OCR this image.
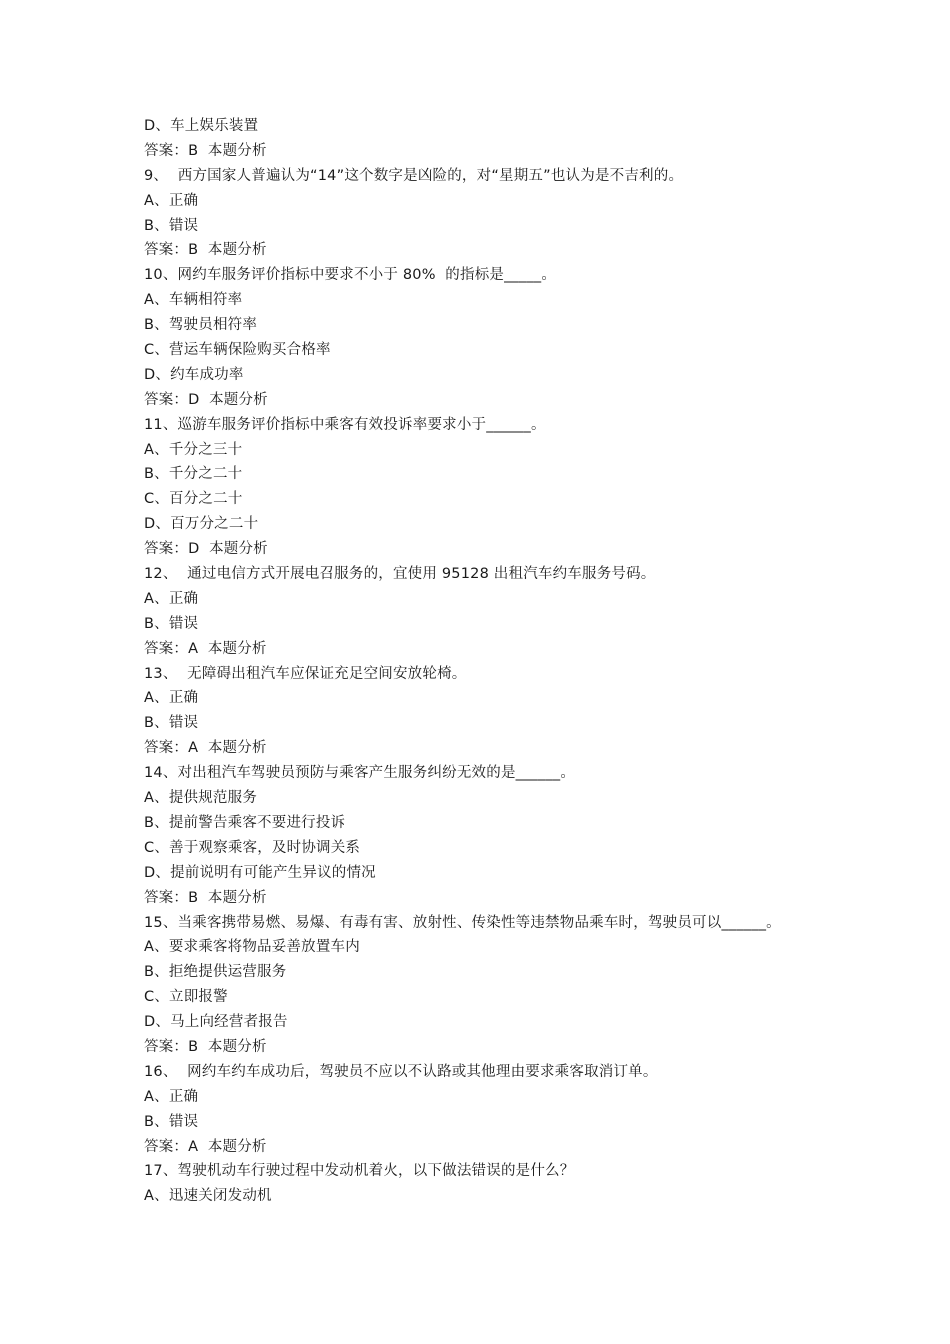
D、车上娱乐装置
答案：B  本题分析
9、  西方国家人普遍认为“14”这个数字是凶险的，对“星期五”也认为是不吉利的。
A、正确
B、错误
答案：B  本题分析
10、网约车服务评价指标中要求不小于 80%  的指标是_____。
A、车辆相符率
B、驾驶员相符率
C、营运车辆保险购买合格率
D、约车成功率
答案：D  本题分析
11、巡游车服务评价指标中乘客有效投诉率要求小于______。
A、千分之三十
B、千分之二十
C、百分之二十
D、百万分之二十
答案：D  本题分析
12、  通过电信方式开展电召服务的，宜使用 95128 出租汽车约车服务号码。
A、正确
B、错误
答案：A  本题分析
13、  无障碍出租汽车应保证充足空间安放轮椅。
A、正确
B、错误
答案：A  本题分析
14、对出租汽车驾驶员预防与乘客产生服务纠纷无效的是______。
A、提供规范服务
B、提前警告乘客不要进行投诉
C、善于观察乘客，及时协调关系
D、提前说明有可能产生异议的情况
答案：B  本题分析
15、当乘客携带易燃、易爆、有毒有害、放射性、传染性等违禁物品乘车时，驾驶员可以______。
A、要求乘客将物品妥善放置车内
B、拒绝提供运营服务
C、立即报警
D、马上向经营者报告
答案：B  本题分析
16、  网约车约车成功后，驾驶员不应以不认路或其他理由要求乘客取消订单。
A、正确
B、错误
答案：A  本题分析
17、驾驶机动车行驶过程中发动机着火，以下做法错误的是什么？
A、迅速关闭发动机
